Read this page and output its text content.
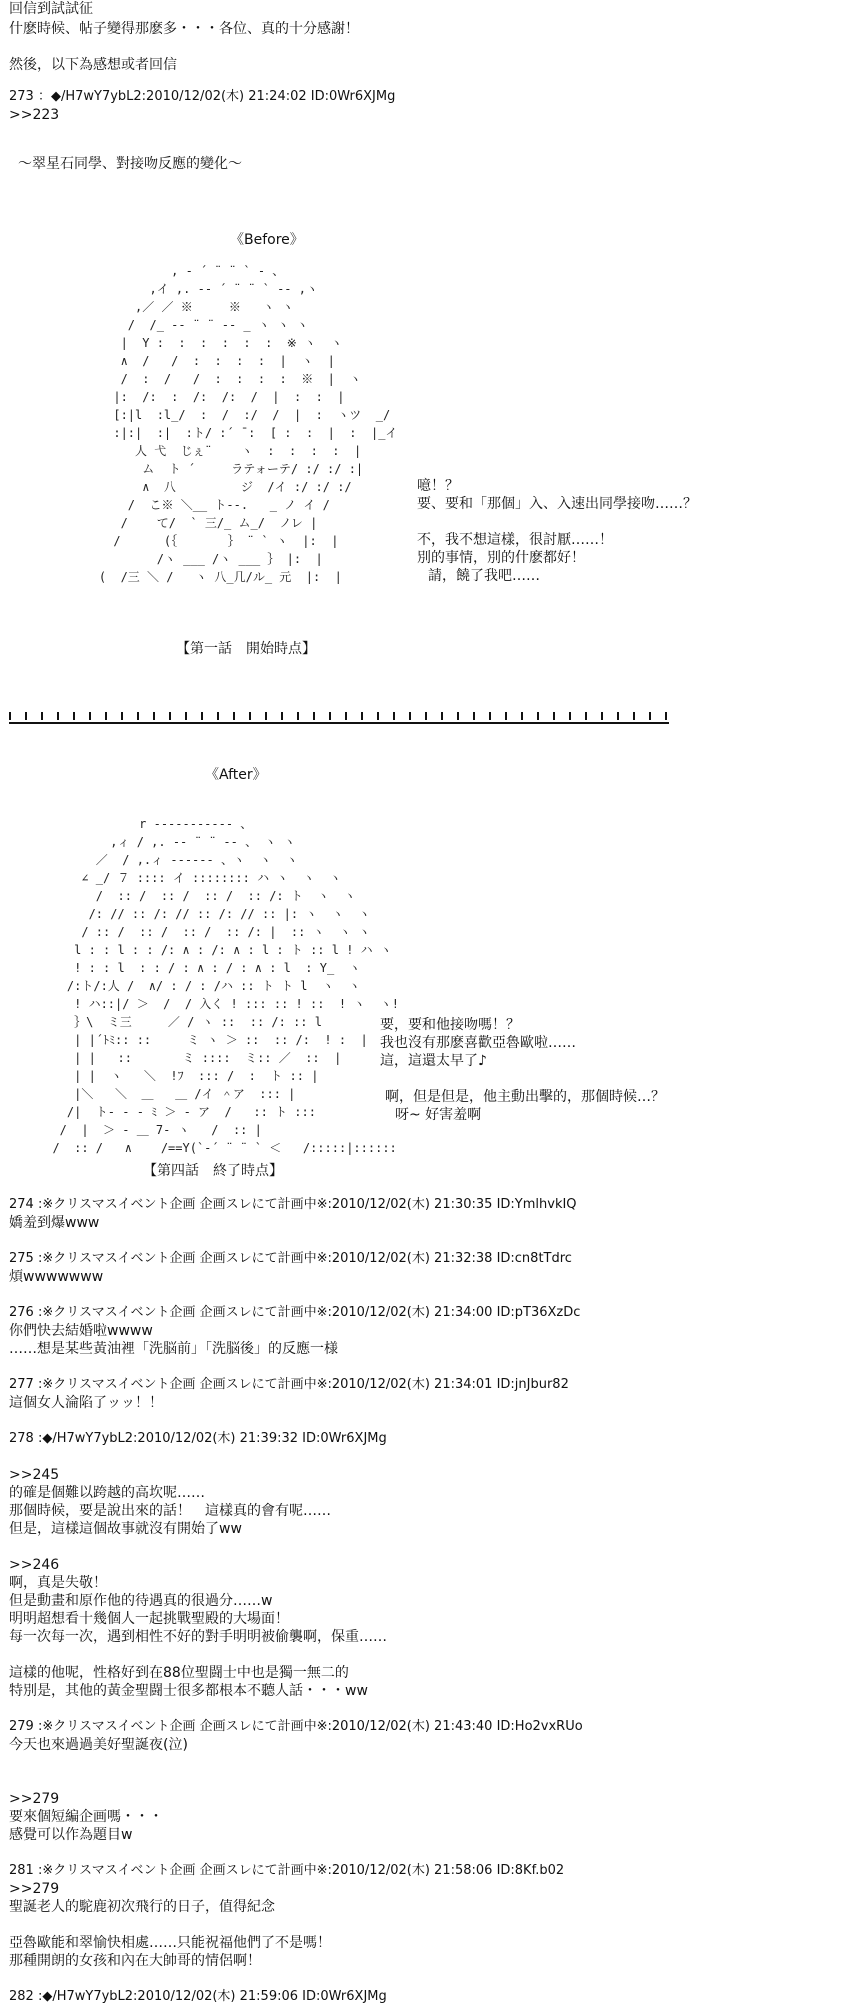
回信到試試征
什麽時候、帖子變得那麽多・・・各位、真的十分感謝！
然後，以下為感想或者回信
273 ：◆/H7wY7ybL2:2010/12/02(木) 21:24:02 ID:0Wr6XJMg
>>223
～翠星石同學、對接吻反應的變化～
《Before》
, - ´ ¨ ¨ ` - 、
,イ ,. -‐ ´ ¨ ¨ ` ‐- ,ヽ
,／ ／ ※     ※   ヽ ヽ
/  /_ -‐ ¨ ¨ ‐- _ ヽ ヽ ヽ
|  Y :  :  :  :  :  :  ※ ヽ  ヽ
∧  /   /  :  :  :  :  |  ヽ  |
/  :  /   /  :  :  :  :  ※  |  ヽ
|:  /:  :  /:  /:  /  |  :  :  |
[:|l  :l_/  :  /  :/  /  |  :  ヽツ  _/
:|:|  :|  :ト/ :´ ̄ :  [ :  :  |  :  |_イ
人 弋  じぇ¨    ヽ  :  :  :  :  |
ム  ト ´     ラテォーテ/ :/ :/ :|
∧  八         ジ  /イ :/ :/ :/
/  こ※ ＼__ ト‐-.   _ ノ イ /
/    て/  ` 三/_ ム_/  ノレ |
/      (｛       ｝ ¨ ` ヽ  |:  |
/ヽ ___ /ヽ ___ ｝ |:  |
(  /三 ＼ /   ヽ 八_几/ル_ 元  |:  |
噫！？
要、要和「那個」入、入速出同學接吻……？
不，我不想這樣，很討厭……！
別的事情，別的什麽都好！
請，饒了我吧……
【第一話　開始時点】
《After》
r ‐‐‐‐‐‐‐‐‐‐‐ 、
,ィ / ,. -‐ ¨ ¨ ‐- 、 ヽ ヽ
／  / ,.ィ ‐‐‐‐‐‐ 、ヽ  ヽ  ヽ
∠ _/ ７ :::: イ :::::::: ハ ヽ  ヽ  ヽ
/  :: /  :: /  :: /  :: /: ト  ヽ  ヽ
/: // :: /: // :: /: // :: |: ヽ  ヽ  ヽ
/ :: /  :: /  :: /  :: /: |  :: ヽ  ヽ ヽ
l : : l : : /: ∧ : /: ∧ : l : ト :: l ! ハ ヽ
! : : l  : : / : ∧ : / : ∧ : l  : Y_  ヽ
/:ト/:人 /  ∧/ : / : /ハ :: ト ト l  ヽ  ヽ
! ハ::|/ ＞  /  / 入く ! ::: :: ! ::  ! ヽ  ヽ!
｝\  ミ三     ／ / ヽ ::  :: /: :: l
| |´ﾄﾐ:: ::     ミ ヽ ＞ ::  :: /:  ! :  |
| |   ::       ミ ::::  ミ:: ／  ::  |
| |  ヽ   ＼  !ﾌ  ::: /  :  ト :: |
|＼   ＼  ＿   ＿ /イ ＾ア  ::: |
/|  ト‐ ‐ ‐ ﾐ ＞ ‐ ア  /   :: ト :::
/  |  ＞ ‐ ＿ 7‐ ヽ   /  :: |
/  :: /   ∧    /==Y(`‐´ ¨ ¨ ` ＜   /:::::|::::::
要，要和他接吻嗎！？
我也沒有那麽喜歡亞魯歐啦……
這，這還太早了♪
啊，但是但是，他主動出擊的，那個時候…？
呀~ 好害羞啊
【第四話　終了時点】
274 :※クリスマスイベント企画 企画スレにて計画中※:2010/12/02(木) 21:30:35 ID:YmlhvkIQ
嬌羞到爆www
275 :※クリスマスイベント企画 企画スレにて計画中※:2010/12/02(木) 21:32:38 ID:cn8tTdrc
煩wwwwwww
276 :※クリスマスイベント企画 企画スレにて計画中※:2010/12/02(木) 21:34:00 ID:pT36XzDc
你們快去結婚啦wwww
……想是某些黃油裡「洗脳前」「洗脳後」的反應一様
277 :※クリスマスイベント企画 企画スレにて計画中※:2010/12/02(木) 21:34:01 ID:jnJbur82
這個女人淪陷了ッッ！！
278 :◆/H7wY7ybL2:2010/12/02(木) 21:39:32 ID:0Wr6XJMg
>>245
的確是個難以跨越的高坎呢……
那個時候，要是說出來的話！　這樣真的會有呢……
但是，這樣這個故事就沒有開始了ww
>>246
啊，真是失敬！
但是動畫和原作他的待遇真的很過分……w
明明超想看十幾個人一起挑戰聖殿的大場面！
每一次每一次，遇到相性不好的對手明明被偷襲啊，保重……
這樣的他呢，性格好到在88位聖闘士中也是獨一無二的
特別是，其他的黃金聖闘士很多都根本不聽人話・・・ww
279 :※クリスマスイベント企画 企画スレにて計画中※:2010/12/02(木) 21:43:40 ID:Ho2vxRUo
今天也來過過美好聖誕夜(泣)
>>279
要來個短編企画嗎・・・
感覺可以作為題目w
281 :※クリスマスイベント企画 企画スレにて計画中※:2010/12/02(木) 21:58:06 ID:8Kf.b02
>>279
聖誕老人的駝鹿初次飛行的日子，值得紀念
亞魯歐能和翠愉快相處……只能祝福他們了不是嗎！
那種開朗的女孩和內在大帥哥的情侶啊！
282 :◆/H7wY7ybL2:2010/12/02(木) 21:59:06 ID:0Wr6XJMg
